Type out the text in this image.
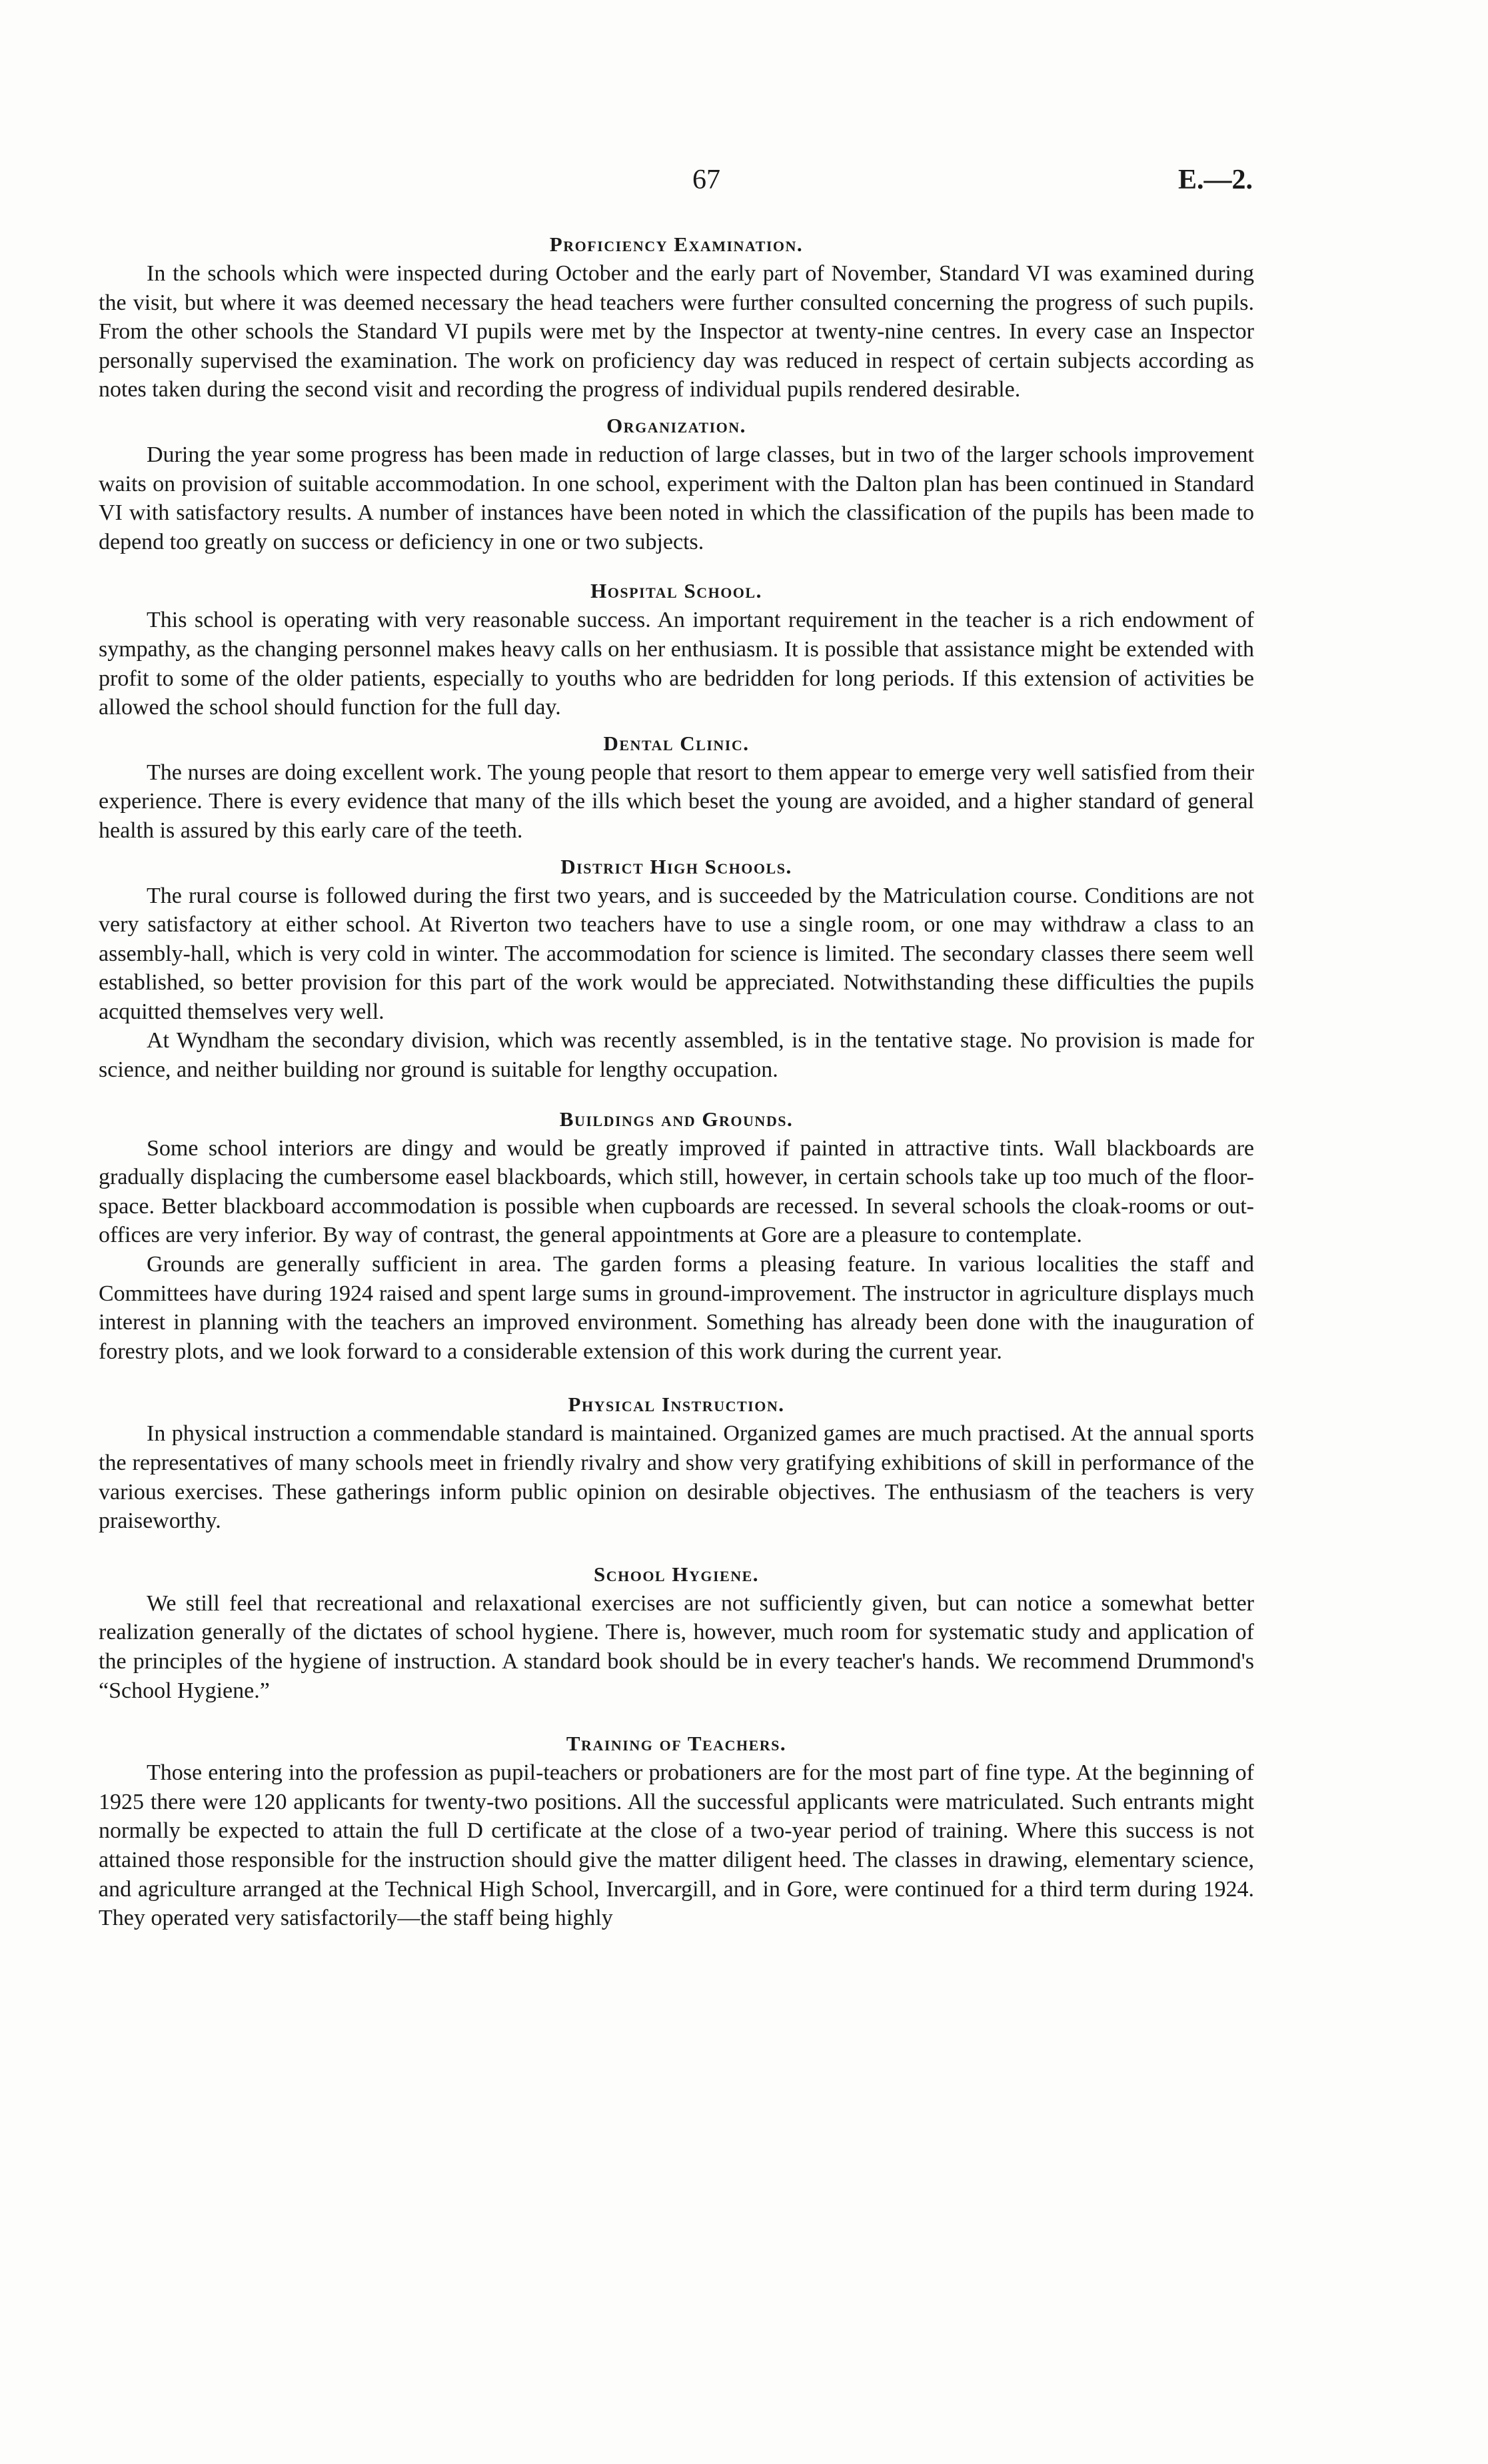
67	E.—2.
Proficiency Examination.

In the schools which were inspected during October and the early part of November, Standard VI was examined during the visit, but where it was deemed necessary the head teachers were further consulted concerning the progress of such pupils. From the other schools the Standard VI pupils were met by the Inspector at twenty-nine centres. In every case an Inspector personally supervised the examination. The work on proficiency day was reduced in respect of certain subjects according as notes taken during the second visit and recording the progress of individual pupils rendered desirable.

Organization.

During the year some progress has been made in reduction of large classes, but in two of the larger schools improvement waits on provision of suitable accommodation. In one school, experiment with the Dalton plan has been continued in Standard VI with satisfactory results. A number of instances have been noted in which the classification of the pupils has been made to depend too greatly on success or deficiency in one or two subjects.

Hospital School.

This school is operating with very reasonable success. An important requirement in the teacher is a rich endowment of sympathy, as the changing personnel makes heavy calls on her enthusiasm. It is possible that assistance might be extended with profit to some of the older patients, especially to youths who are bedridden for long periods. If this extension of activities be allowed the school should function for the full day.

Dental Clinic.

The nurses are doing excellent work. The young people that resort to them appear to emerge very well satisfied from their experience. There is every evidence that many of the ills which beset the young are avoided, and a higher standard of general health is assured by this early care of the teeth.

District High Schools.

The rural course is followed during the first two years, and is succeeded by the Matriculation course. Conditions are not very satisfactory at either school. At Riverton two teachers have to use a single room, or one may withdraw a class to an assembly-hall, which is very cold in winter. The accommodation for science is limited. The secondary classes there seem well established, so better provision for this part of the work would be appreciated. Notwithstanding these difficulties the pupils acquitted themselves very well.

At Wyndham the secondary division, which was recently assembled, is in the tentative stage. No provision is made for science, and neither building nor ground is suitable for lengthy occupation.

Buildings and Grounds.

Some school interiors are dingy and would be greatly improved if painted in attractive tints. Wall blackboards are gradually displacing the cumbersome easel blackboards, which still, however, in certain schools take up too much of the floor-space. Better blackboard accommodation is possible when cupboards are recessed. In several schools the cloak-rooms or out-offices are very inferior. By way of contrast, the general appointments at Gore are a pleasure to contemplate.

Grounds are generally sufficient in area. The garden forms a pleasing feature. In various localities the staff and Committees have during 1924 raised and spent large sums in ground-improvement. The instructor in agriculture displays much interest in planning with the teachers an improved environment. Something has already been done with the inauguration of forestry plots, and we look forward to a considerable extension of this work during the current year.

Physical Instruction.

In physical instruction a commendable standard is maintained. Organized games are much practised. At the annual sports the representatives of many schools meet in friendly rivalry and show very gratifying exhibitions of skill in performance of the various exercises. These gatherings inform public opinion on desirable objectives. The enthusiasm of the teachers is very praiseworthy.

School Hygiene.

We still feel that recreational and relaxational exercises are not sufficiently given, but can notice a somewhat better realization generally of the dictates of school hygiene. There is, however, much room for systematic study and application of the principles of the hygiene of instruction. A standard book should be in every teacher's hands. We recommend Drummond's “School Hygiene.”

Training of Teachers.

Those entering into the profession as pupil-teachers or probationers are for the most part of fine type. At the beginning of 1925 there were 120 applicants for twenty-two positions. All the successful applicants were matriculated. Such entrants might normally be expected to attain the full D certificate at the close of a two-year period of training. Where this success is not attained those responsible for the instruction should give the matter diligent heed. The classes in drawing, elementary science, and agriculture arranged at the Technical High School, Invercargill, and in Gore, were continued for a third term during 1924. They operated very satisfactorily—the staff being highly
